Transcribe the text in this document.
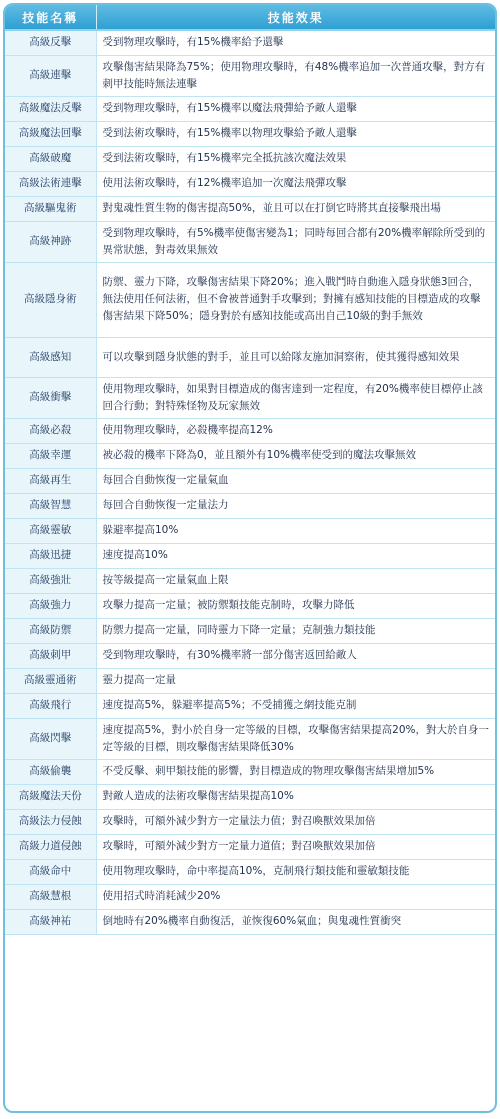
技能名稱	技能效果
高級反擊	受到物理攻擊時，有15%機率給予還擊
高級連擊	攻擊傷害結果降為75%；使用物理攻擊時，有48%機率追加一次普通攻擊，對方有刺甲技能時無法連擊
高級魔法反擊	受到物理攻擊時，有15%機率以魔法飛彈給予敵人還擊
高級魔法回擊	受到法術攻擊時，有15%機率以物理攻擊給予敵人還擊
高級破魔	受到法術攻擊時，有15%機率完全抵抗該次魔法效果
高級法術連擊	使用法術攻擊時，有12%機率追加一次魔法飛彈攻擊
高級驅鬼術	對鬼魂性質生物的傷害提高50%，並且可以在打倒它時將其直接擊飛出場
高級神跡	受到物理攻擊時，有5%機率使傷害變為1；同時每回合都有20%機率解除所受到的異常狀態，對毒效果無效
高級隱身術	防禦、靈力下降，攻擊傷害結果下降20%；進入戰鬥時自動進入隱身狀態3回合，無法使用任何法術，但不會被普通對手攻擊到；對擁有感知技能的目標造成的攻擊傷害結果下降50%；隱身對於有感知技能或高出自己10級的對手無效
高級感知	可以攻擊到隱身狀態的對手，並且可以給隊友施加洞察術，使其獲得感知效果
高級衝擊	使用物理攻擊時，如果對目標造成的傷害達到一定程度，有20%機率使目標停止該回合行動；對特殊怪物及玩家無效
高級必殺	使用物理攻擊時，必殺機率提高12%
高級幸運	被必殺的機率下降為0，並且額外有10%機率使受到的魔法攻擊無效
高級再生	每回合自動恢復一定量氣血
高級智慧	每回合自動恢復一定量法力
高級靈敏	躲避率提高10%
高級迅捷	速度提高10%
高級強壯	按等級提高一定量氣血上限
高級強力	攻擊力提高一定量；被防禦類技能克制時，攻擊力降低
高級防禦	防禦力提高一定量，同時靈力下降一定量；克制強力類技能
高級刺甲	受到物理攻擊時，有30%機率將一部分傷害返回給敵人
高級靈通術	靈力提高一定量
高級飛行	速度提高5%，躲避率提高5%；不受捕獲之網技能克制
高級閃擊	速度提高5%，對小於自身一定等級的目標，攻擊傷害結果提高20%，對大於自身一定等級的目標，則攻擊傷害結果降低30%
高級偷襲	不受反擊、刺甲類技能的影響，對目標造成的物理攻擊傷害結果增加5%
高級魔法天份	對敵人造成的法術攻擊傷害結果提高10%
高級法力侵蝕	攻擊時，可額外減少對方一定量法力值；對召喚獸效果加倍
高級力道侵蝕	攻擊時，可額外減少對方一定量力道值；對召喚獸效果加倍
高級命中	使用物理攻擊時，命中率提高10%，克制飛行類技能和靈敏類技能
高級慧根	使用招式時消耗減少20%
高級神祐	倒地時有20%機率自動復活，並恢復60%氣血；與鬼魂性質衝突
